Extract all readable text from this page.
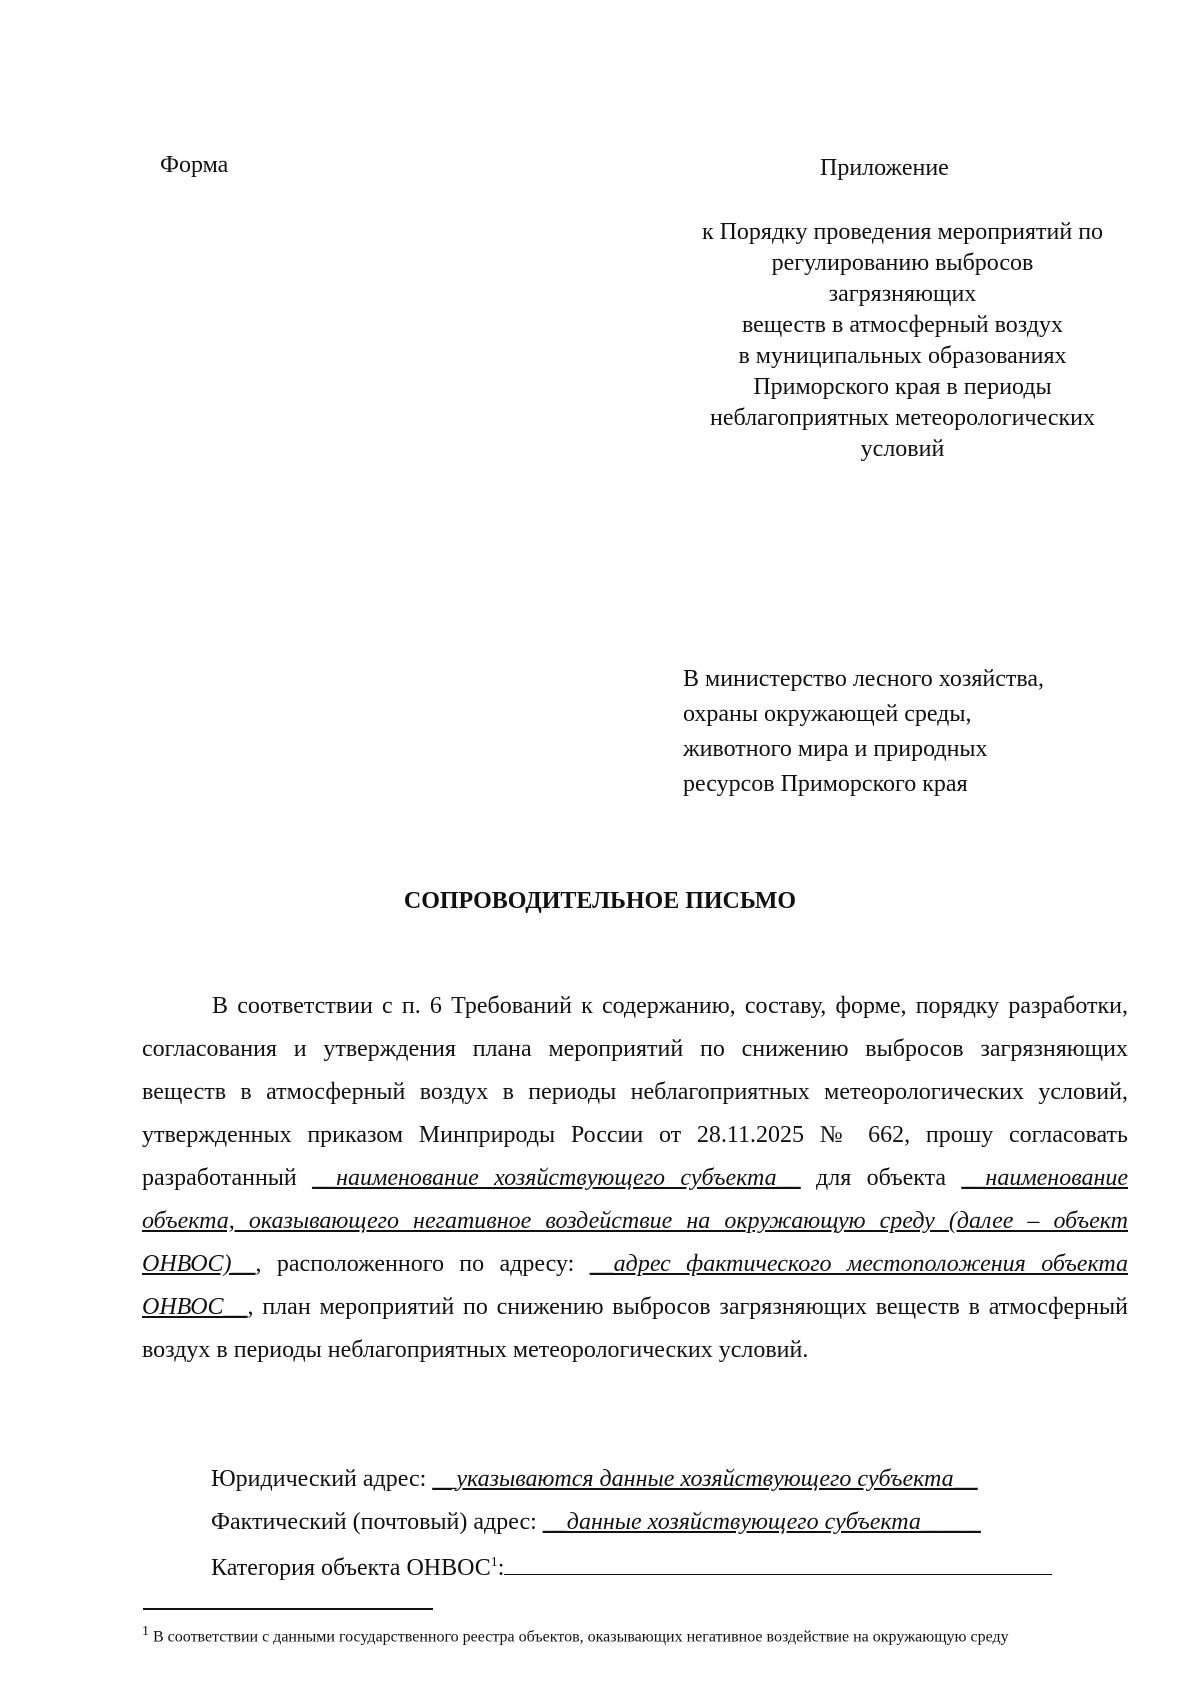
Форма	Приложение
к Порядку проведения мероприятий по
регулированию выбросов
загрязняющих
веществ в атмосферный воздух
в муниципальных образованиях
Приморского края в периоды
неблагоприятных метеорологических
условий
В министерство лесного хозяйства,
охраны окружающей среды,
животного мира и природных
ресурсов Приморского края
СОПРОВОДИТЕЛЬНОЕ ПИСЬМО

В соответствии с п. 6 Требований к содержанию, составу, форме, порядку разработки, согласования и утверждения плана мероприятий по снижению выбросов загрязняющих веществ в атмосферный воздух в периоды неблагоприятных метеорологических условий, утвержденных приказом Минприроды России от 28.11.2025 № 662, прошу согласовать разработанный __наименование хозяйствующего субъекта__ для объекта __наименование объекта, оказывающего негативное воздействие на окружающую среду (далее – объект ОНВОС)__, расположенного по адресу: __адрес фактического местоположения объекта ОНВОС__, план мероприятий по снижению выбросов загрязняющих веществ в атмосферный воздух в периоды неблагоприятных метеорологических условий.

Юридический адрес: __указываются данные хозяйствующего субъекта__
Фактический (почтовый) адрес: __данные хозяйствующего субъекта_____
Категория объекта ОНВОС$^1$:
$^1$ В соответствии с данными государственного реестра объектов, оказывающих негативное воздействие на окружающую среду
